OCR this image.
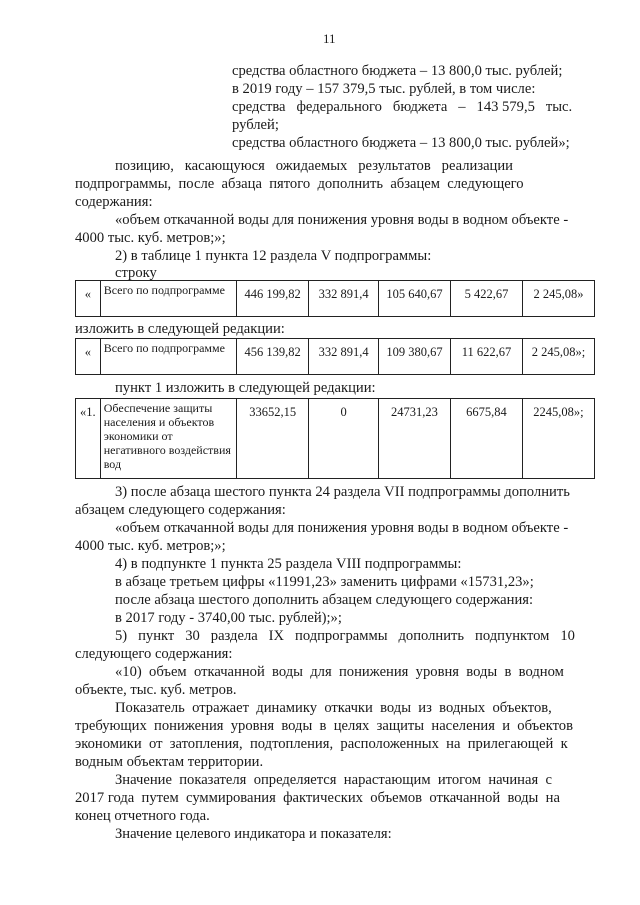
11
средства областного бюджета – 13 800,0 тыс. рублей;
в 2019 году – 157 379,5 тыс. рублей, в том числе:
средства   федерального   бюджета   –   143 579,5   тыс.
рублей;
средства областного бюджета – 13 800,0 тыс. рублей»;
позицию,   касающуюся   ожидаемых   результатов   реализации
подпрограммы,  после  абзаца  пятого  дополнить  абзацем  следующего
содержания:
«объем откачанной воды для понижения уровня воды в водном объекте -
4000 тыс. куб. метров;»;
2) в таблице 1 пункта 12 раздела V подпрограммы:
строку
«	Всего по подпрограмме	446 199,82	332 891,4	105 640,67	5 422,67	2 245,08»
изложить в следующей редакции:
«	Всего по подпрограмме	456 139,82	332 891,4	109 380,67	11 622,67	2 245,08»;
пункт 1 изложить в следующей редакции:
«1.	Обеспечение защиты населения и объектов экономики от негативного воздействия вод	33652,15	0	24731,23	6675,84	2245,08»;
3) после абзаца шестого пункта 24 раздела VII подпрограммы дополнить
абзацем следующего содержания:
«объем откачанной воды для понижения уровня воды в водном объекте -
4000 тыс. куб. метров;»;
4) в подпункте 1 пункта 25 раздела VIII подпрограммы:
в абзаце третьем цифры «11991,23» заменить цифрами «15731,23»;
после абзаца шестого дополнить абзацем следующего содержания:
в 2017 году - 3740,00 тыс. рублей);»;
5)   пункт   30   раздела   IX   подпрограммы   дополнить   подпунктом   10
следующего содержания:
«10)  объем  откачанной  воды  для  понижения  уровня  воды  в  водном
объекте, тыс. куб. метров.
Показатель  отражает  динамику  откачки  воды  из  водных  объектов,
требующих  понижения  уровня  воды  в  целях  защиты  населения  и  объектов
экономики  от  затопления,  подтопления,  расположенных  на  прилегающей  к
водным объектам территории.
Значение  показателя  определяется  нарастающим  итогом  начиная  с
2017 года  путем  суммирования  фактических  объемов  откачанной  воды  на
конец отчетного года.
Значение целевого индикатора и показателя:
